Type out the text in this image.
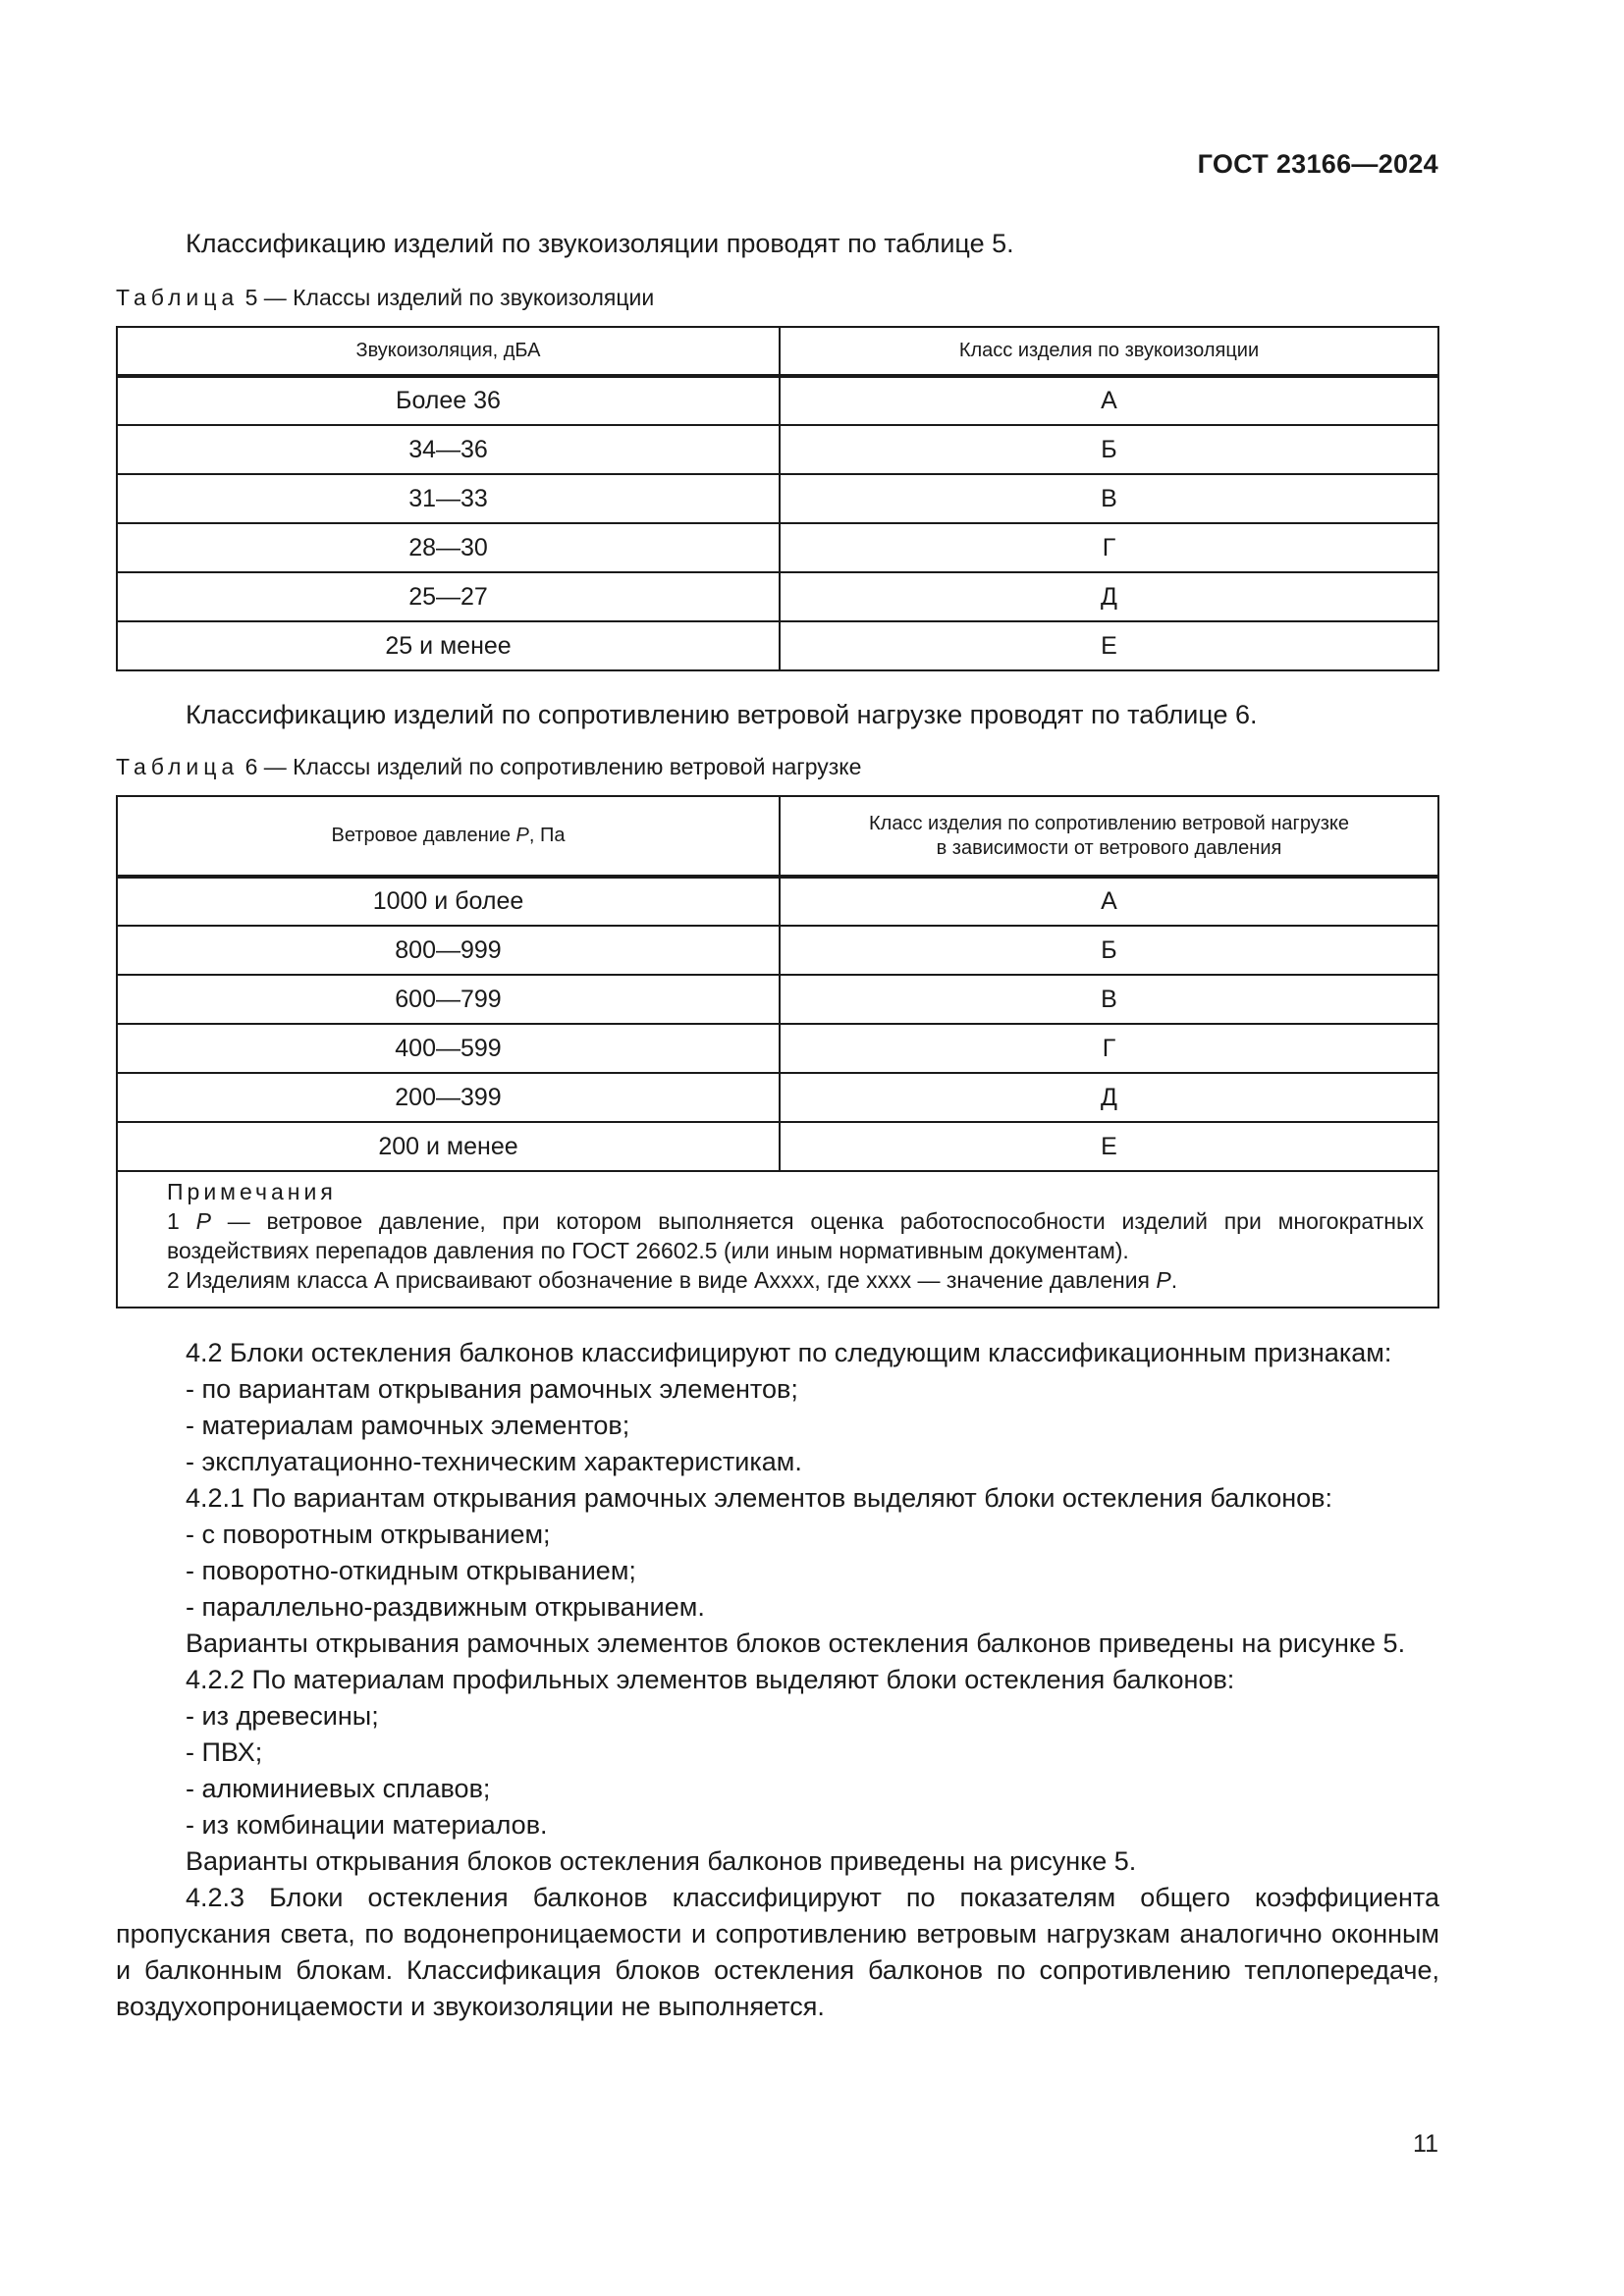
ГОСТ 23166—2024
Классификацию изделий по звукоизоляции проводят по таблице 5.
Таблица 5 — Классы изделий по звукоизоляции
Звукоизоляция, дБА	Класс изделия по звукоизоляции
Более 36	А
34—36	Б
31—33	В
28—30	Г
25—27	Д
25 и менее	Е
Классификацию изделий по сопротивлению ветровой нагрузке проводят по таблице 6.
Таблица 6 — Классы изделий по сопротивлению ветровой нагрузке
Ветровое давление Р, Па	Класс изделия по сопротивлению ветровой нагрузке
в зависимости от ветрового давления

1000 и более	А
800—999	Б
600—799	В
400—599	Г
200—399	Д
200 и менее	Е
Примечания
1 Р — ветровое давление, при котором выполняется оценка работоспособности изделий при многократных воздействиях перепадов давления по ГОСТ 26602.5 (или иным нормативным документам).
2 Изделиям класса А присваивают обозначение в виде Axxxx, где xxxx — значение давления Р.
4.2 Блоки остекления балконов классифицируют по следующим классификационным признакам:
- по вариантам открывания рамочных элементов;
- материалам рамочных элементов;
- эксплуатационно-техническим характеристикам.
4.2.1 По вариантам открывания рамочных элементов выделяют блоки остекления балконов:
- с поворотным открыванием;
- поворотно-откидным открыванием;
- параллельно-раздвижным открыванием.
Варианты открывания рамочных элементов блоков остекления балконов приведены на рисунке 5.
4.2.2 По материалам профильных элементов выделяют блоки остекления балконов:
- из древесины;
- ПВХ;
- алюминиевых сплавов;
- из комбинации материалов.
Варианты открывания блоков остекления балконов приведены на рисунке 5.
4.2.3 Блоки остекления балконов классифицируют по показателям общего коэффициента пропускания света, по водонепроницаемости и сопротивлению ветровым нагрузкам аналогично оконным и балконным блокам. Классификация блоков остекления балконов по сопротивлению теплопередаче, воздухопроницаемости и звукоизоляции не выполняется.
11
